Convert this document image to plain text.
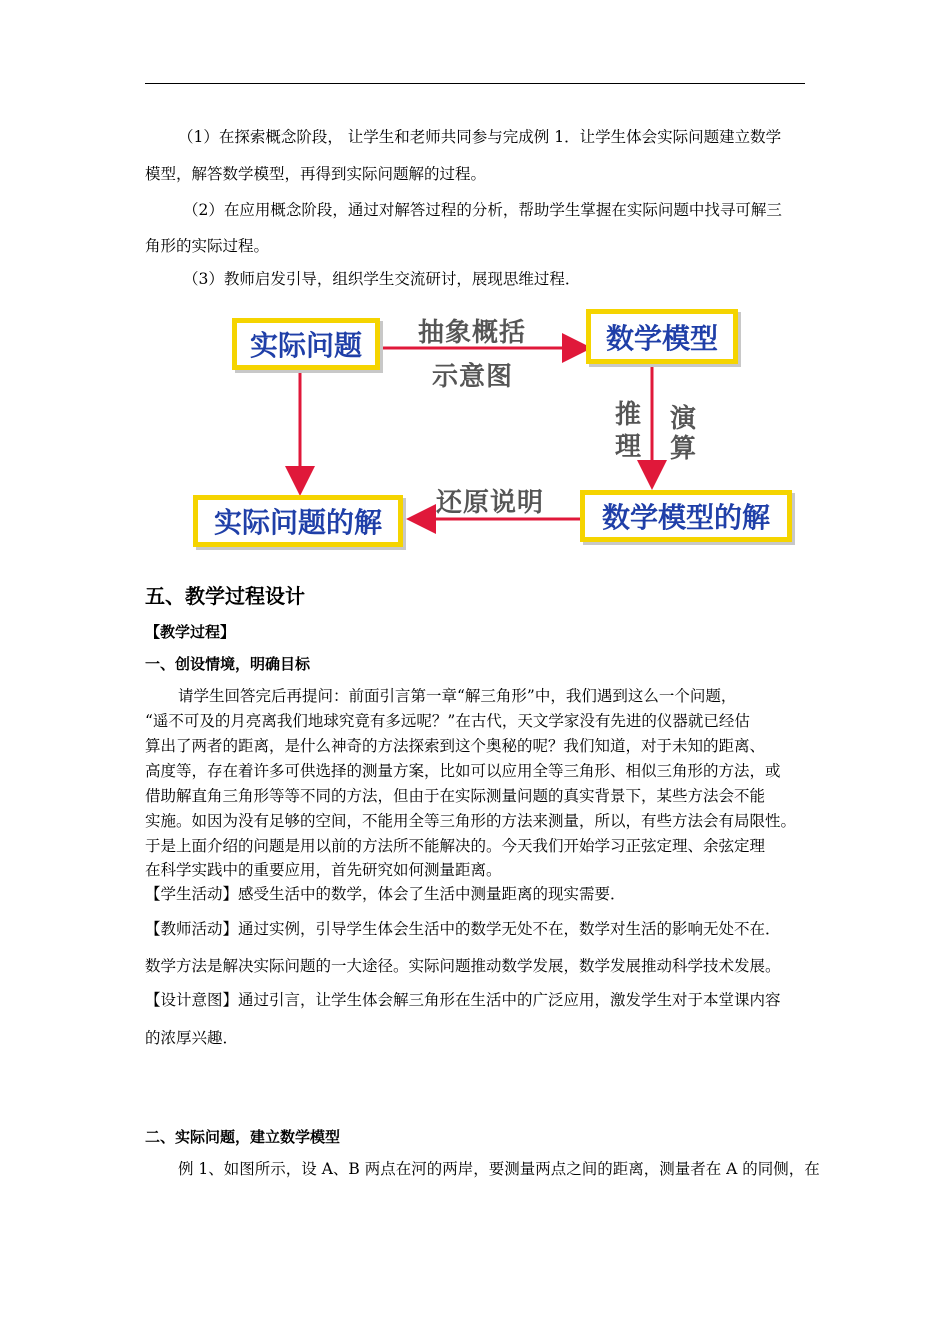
（1）在探索概念阶段， 让学生和老师共同参与完成例 1．让学生体会实际问题建立数学
模型，解答数学模型，再得到实际问题解的过程。
（2）在应用概念阶段，通过对解答过程的分析，帮助学生掌握在实际问题中找寻可解三
角形的实际过程。
（3）教师启发引导，组织学生交流研讨，展现思维过程．
实际问题	数学模型
实际问题的解	数学模型的解
抽象概括
示意图
推
理
演
算
还原说明
五、教学过程设计
【教学过程】
一、创设情境，明确目标
请学生回答完后再提问：前面引言第一章“解三角形”中，我们遇到这么一个问题，
“遥不可及的月亮离我们地球究竟有多远呢？”在古代，天文学家没有先进的仪器就已经估
算出了两者的距离，是什么神奇的方法探索到这个奥秘的呢？我们知道，对于未知的距离、
高度等，存在着许多可供选择的测量方案，比如可以应用全等三角形、相似三角形的方法，或
借助解直角三角形等等不同的方法，但由于在实际测量问题的真实背景下，某些方法会不能
实施。如因为没有足够的空间，不能用全等三角形的方法来测量，所以，有些方法会有局限性。
于是上面介绍的问题是用以前的方法所不能解决的。今天我们开始学习正弦定理、余弦定理
在科学实践中的重要应用，首先研究如何测量距离。
【学生活动】感受生活中的数学，体会了生活中测量距离的现实需要．
【教师活动】通过实例，引导学生体会生活中的数学无处不在，数学对生活的影响无处不在．
数学方法是解决实际问题的一大途径。实际问题推动数学发展，数学发展推动科学技术发展。
【设计意图】通过引言，让学生体会解三角形在生活中的广泛应用，激发学生对于本堂课内容
的浓厚兴趣．
二、实际问题，建立数学模型
例 1、如图所示，设 A、B 两点在河的两岸，要测量两点之间的距离，测量者在 A 的同侧，在
